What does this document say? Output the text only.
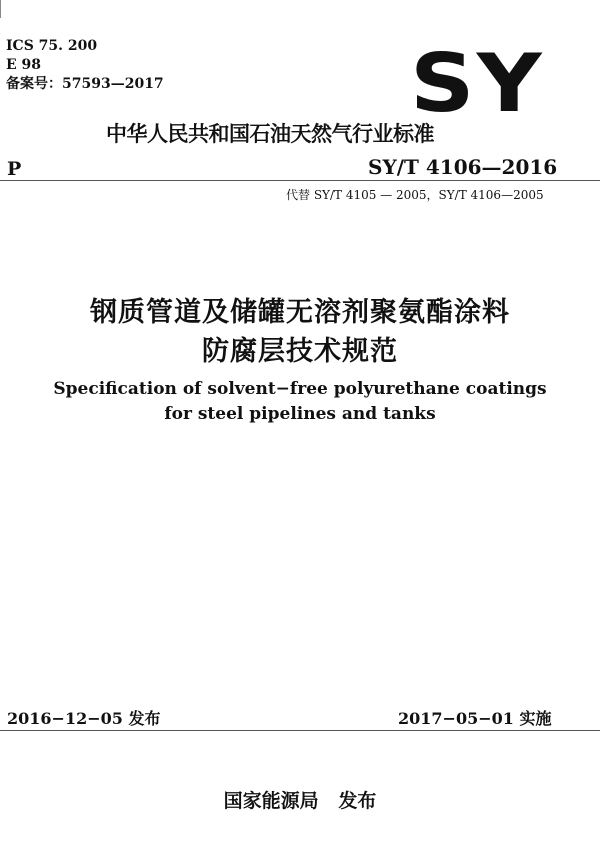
ICS 75. 200
E 98
备案号：57593—2017	SY
中华人民共和国石油天然气行业标准
P	SY/T 4106—2016
代替 SY/T 4105 — 2005，SY/T 4106—2005
钢质管道及储罐无溶剂聚氨酯涂料
防腐层技术规范
Specification of solvent−free polyurethane coatings
for steel pipelines and tanks
2016−12−05 发布	2017−05−01 实施
国家能源局   发布
